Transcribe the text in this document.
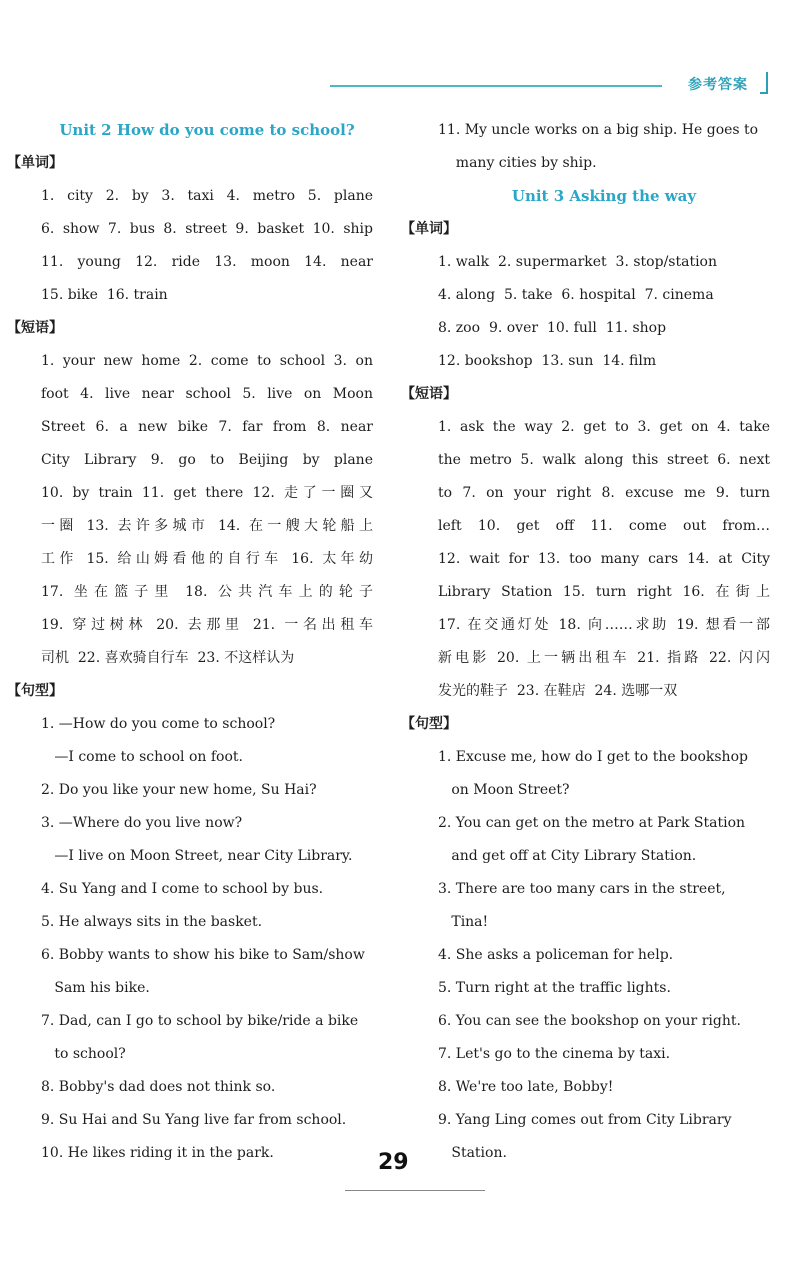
参考答案
Unit 2 How do you come to school?
【单词】
1. city 2. by 3. taxi 4. metro 5. plane
6. show 7. bus 8. street 9. basket 10. ship
11. young 12. ride 13. moon 14. near
15. bike  16. train
【短语】
1. your new home 2. come to school 3. on
foot 4. live near school 5. live on Moon
Street 6. a new bike 7. far from 8. near
City Library 9. go to Beijing by plane
10. by train 11. get there 12. 走了一圈又
一圈 13. 去许多城市 14. 在一艘大轮船上
工作 15. 给山姆看他的自行车 16. 太年幼
17. 坐在篮子里 18. 公共汽车上的轮子
19. 穿过树林 20. 去那里 21. 一名出租车
司机  22. 喜欢骑自行车  23. 不这样认为
【句型】
1. —How do you come to school?
—I come to school on foot.
2. Do you like your new home, Su Hai?
3. —Where do you live now?
—I live on Moon Street, near City Library.
4. Su Yang and I come to school by bus.
5. He always sits in the basket.
6. Bobby wants to show his bike to Sam/show
Sam his bike.
7. Dad, can I go to school by bike/ride a bike
to school?
8. Bobby's dad does not think so.
9. Su Hai and Su Yang live far from school.
10. He likes riding it in the park.
11. My uncle works on a big ship. He goes to
many cities by ship.
Unit 3 Asking the way
【单词】
1. walk  2. supermarket  3. stop/station
4. along  5. take  6. hospital  7. cinema
8. zoo  9. over  10. full  11. shop
12. bookshop  13. sun  14. film
【短语】
1. ask the way 2. get to 3. get on 4. take
the metro 5. walk along this street 6. next
to 7. on your right 8. excuse me 9. turn
left 10. get off 11. come out from…
12. wait for 13. too many cars 14. at City
Library Station 15. turn right 16. 在街上
17. 在交通灯处 18. 向……求助 19. 想看一部
新电影 20. 上一辆出租车 21. 指路 22. 闪闪
发光的鞋子  23. 在鞋店  24. 选哪一双
【句型】
1. Excuse me, how do I get to the bookshop
on Moon Street?
2. You can get on the metro at Park Station
and get off at City Library Station.
3. There are too many cars in the street,
Tina!
4. She asks a policeman for help.
5. Turn right at the traffic lights.
6. You can see the bookshop on your right.
7. Let's go to the cinema by taxi.
8. We're too late, Bobby!
9. Yang Ling comes out from City Library
Station.
29
